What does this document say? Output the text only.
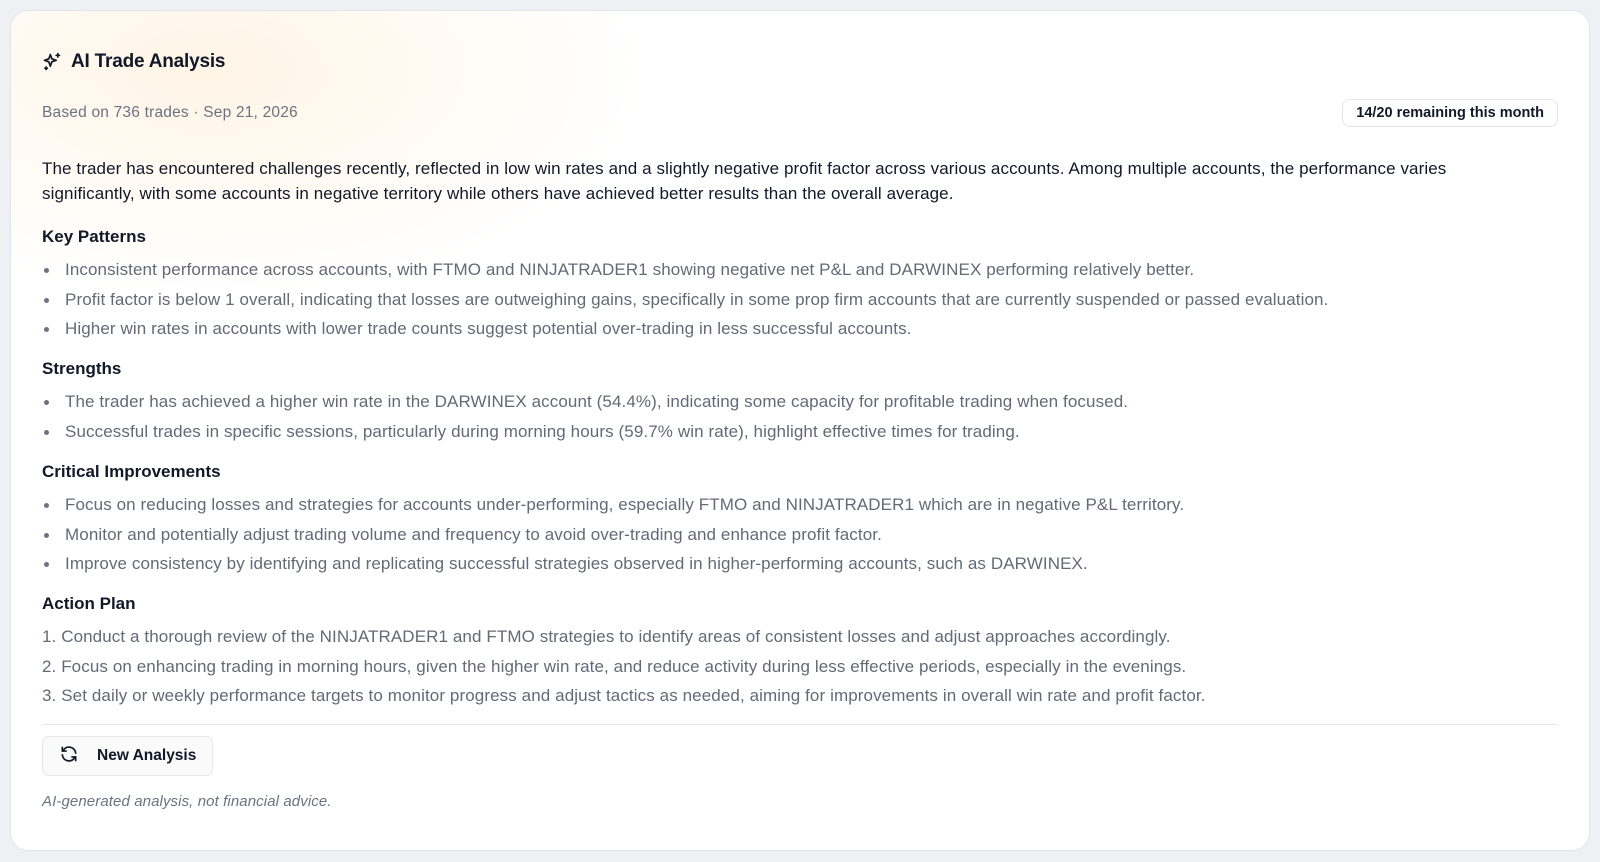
AI Trade Analysis
Based on 736 trades · Sep 21, 2026	14/20 remaining this month

The trader has encountered challenges recently, reflected in low win rates and a slightly negative profit factor across various accounts. Among multiple accounts, the performance varies significantly, with some accounts in negative territory while others have achieved better results than the overall average.

Key Patterns
Inconsistent performance across accounts, with FTMO and NINJATRADER1 showing negative net P&L and DARWINEX performing relatively better.
Profit factor is below 1 overall, indicating that losses are outweighing gains, specifically in some prop firm accounts that are currently suspended or passed evaluation.
Higher win rates in accounts with lower trade counts suggest potential over-trading in less successful accounts.
Strengths
The trader has achieved a higher win rate in the DARWINEX account (54.4%), indicating some capacity for profitable trading when focused.
Successful trades in specific sessions, particularly during morning hours (59.7% win rate), highlight effective times for trading.
Critical Improvements
Focus on reducing losses and strategies for accounts under-performing, especially FTMO and NINJATRADER1 which are in negative P&L territory.
Monitor and potentially adjust trading volume and frequency to avoid over-trading and enhance profit factor.
Improve consistency by identifying and replicating successful strategies observed in higher-performing accounts, such as DARWINEX.
Action Plan
1. Conduct a thorough review of the NINJATRADER1 and FTMO strategies to identify areas of consistent losses and adjust approaches accordingly.
2. Focus on enhancing trading in morning hours, given the higher win rate, and reduce activity during less effective periods, especially in the evenings.
3. Set daily or weekly performance targets to monitor progress and adjust tactics as needed, aiming for improvements in overall win rate and profit factor.
New Analysis

AI-generated analysis, not financial advice.
